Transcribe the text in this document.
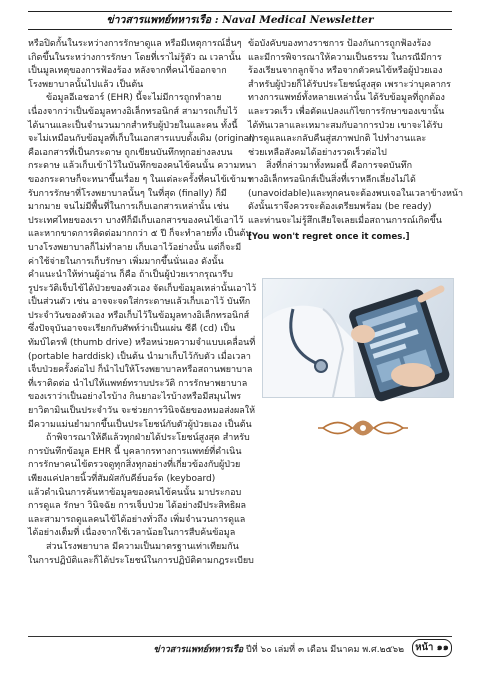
ข่าวสารแพทย์ทหารเรือ : Naval Medical Newsletter
หรือปิดกั้นในระหว่างการรักษาดูแล หรือมีเหตุการณ์อื่นๆ
เกิดขึ้นในระหว่างการรักษา โดยที่เราไม่รู้ตัว ณ เวลานั้น
เป็นมูลเหตุของการฟ้องร้อง หลังจากที่คนไข้ออกจาก
โรงพยาบาลนั้นไปแล้ว เป็นต้น
ข้อมูลอีเอชอาร์ (EHR) นี้จะไม่มีการถูกทำลาย
เนื่องจากว่าเป็นข้อมูลทางอิเล็กทรอนิกส์ สามารถเก็บไว้
ได้นานและเป็นจำนวนมากสำหรับผู้ป่วยในและคน ทั้งนี้
จะไม่เหมือนกับข้อมูลที่เก็บในเอกสารแบบดั้งเดิม (original)
คือเอกสารที่เป็นกระดาษ ถูกเขียนบันทึกทุกอย่างลงบน
กระดาษ แล้วเก็บเข้าไว้ในบันทึกของคนไข้คนนั้น ความหนา
ของกระดาษก็จะหนาขึ้นเรื่อย ๆ ในแต่ละครั้งที่คนไข้เข้ามา
รับการรักษาที่โรงพยาบาลนั้นๆ ในที่สุด (finally) ก็มี
มากมาย จนไม่มีพื้นที่ในการเก็บเอกสารเหล่านั้น เช่น
ประเทศไทยของเรา บางทีก็มีเก็บเอกสารของคนไข้เอาไว้
และหากขาดการติดต่อมากกว่า ๕ ปี ก็จะทำลายทิ้ง เป็นต้น
บางโรงพยาบาลก็ไม่ทำลาย เก็บเอาไว้อย่างนั้น แต่ก็จะมี
ค่าใช้จ่ายในการเก็บรักษา เพิ่มมากขึ้นนั่นเอง ดังนั้น
คำแนะนำให้ท่านผู้อ่าน ก็คือ ถ้าเป็นผู้ป่วยเรากรุณารีบ
รูประวัติเจ็บไข้ได้ป่วยของตัวเอง จัดเก็บข้อมูลเหล่านั้นเอาไว้
เป็นส่วนตัว เช่น อาจจะจดใส่กระดาษแล้วเก็บเอาไว้ บันทึก
ประจำวันของตัวเอง หรือเก็บไว้ในข้อมูลทางอิเล็กทรอนิกส์
ซึ่งปัจจุบันอาจจะเรียกกับศัพท์ว่าเป็นแผ่น ซีดี (cd) เป็น
ทัมบ์ไดรฟ์ (thumb drive) หรือหน่วยความจำแบบเคลื่อนที่
(portable harddisk) เป็นต้น นำมาเก็บไว้กับตัว เมื่อเวลา
เจ็บป่วยครั้งต่อไป ก็นำไปให้โรงพยาบาลหรือสถานพยาบาล
ที่เราติดต่อ นำไปให้แพทย์ทราบประวัติ การรักษาพยาบาล
ของเราว่าเป็นอย่างไรบ้าง กินยาอะไรบ้างหรือมีสมุนไพร
ยาวิตามินเป็นประจำวัน จะช่วยการวินิจฉัยของหมอส่งผลให้
มีความแม่นยำมากขึ้นเป็นประโยชน์กับตัวผู้ป่วยเอง เป็นต้น
ถ้าพิจารณาให้ดีแล้วทุกฝ่ายได้ประโยชน์สูงสุด สำหรับ
การบันทึกข้อมูล EHR นี้ บุคลากรทางการแพทย์ที่ดำเนิน
การรักษาคนไข้ตรวจดูทุกสิ่งทุกอย่างที่เกี่ยวข้องกับผู้ป่วย
เพียงแค่ปลายนิ้วที่สัมผัสกับคีย์บอร์ด (keyboard)
แล้วดำเนินการค้นหาข้อมูลของคนไข้คนนั้น มาประกอบ
การดูแล รักษา วินิจฉัย การเจ็บป่วย ได้อย่างมีประสิทธิผล
และสามารถดูแลคนไข้ได้อย่างทั่วถึง เพิ่มจำนวนการดูแล
ได้อย่างเต็มที่ เนื่องจากใช้เวลาน้อยในการสืบค้นข้อมูล
ส่วนโรงพยาบาล มีความเป็นมาตรฐานเท่าเทียมกัน
ในการปฏิบัติและก็ได้ประโยชน์ในการปฏิบัติตามกฎระเบียบ
ข้อบังคับของทางราชการ ป้องกันการถูกฟ้องร้อง
และมีการพิจารณาให้ความเป็นธรรม ในกรณีมีการ
ร้องเรียนจากลูกจ้าง หรือจากตัวคนไข้หรือผู้ป่วยเอง
สำหรับผู้ป่วยก็ได้รับประโยชน์สูงสุด เพราะว่าบุคลากร
ทางการแพทย์ทั้งหลายเหล่านั้น ได้รับข้อมูลที่ถูกต้อง
และรวดเร็ว เพื่อตัดแปลงแก้ไขการรักษาของเขานั้น
ได้ทันเวลาและเหมาะสมกับอาการป่วย เขาจะได้รับ
การดูแลและกลับคืนสู่สภาพปกติ ไปทำงานและ
ช่วยเหลือสังคมได้อย่างรวดเร็วต่อไป
สิ่งที่กล่าวมาทั้งหมดนี้ คือการจดบันทึก
ทางอิเล็กทรอนิกส์เป็นสิ่งที่เราหลีกเลี่ยงไม่ได้
(unavoidable)และทุกคนจะต้องพบเจอในเวลาข้างหน้า
ดังนั้นเราจึงควรจะต้องเตรียมพร้อม (be ready)
และท่านจะไม่รู้สึกเสียใจเลยเมื่อสถานการณ์เกิดขึ้น
[You won't regret once it comes.]
ข่าวสารแพทย์ทหารเรือ ปีที่ ๖๐ เล่มที่ ๓ เดือน มีนาคม พ.ศ.๒๕๖๒	หน้า ๑๑
